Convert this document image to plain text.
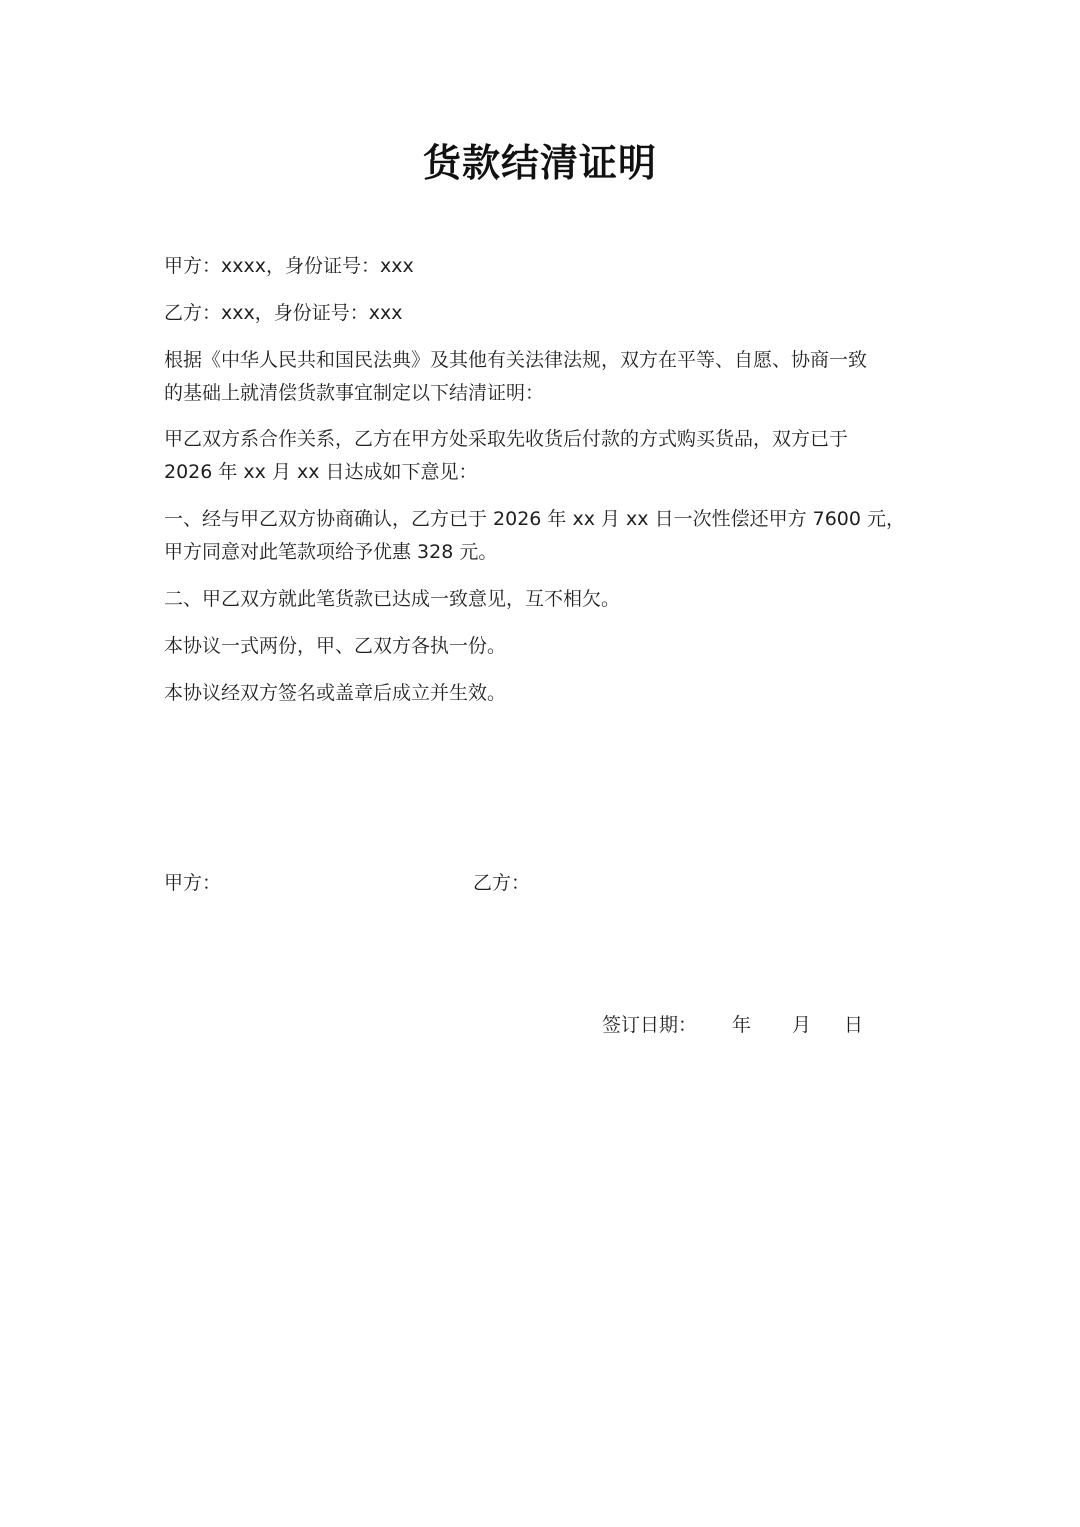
货款结清证明

甲方：xxxx，身份证号：xxx

乙方：xxx，身份证号：xxx

根据《中华人民共和国民法典》及其他有关法律法规，双方在平等、自愿、协商一致
的基础上就清偿货款事宜制定以下结清证明：

甲乙双方系合作关系，乙方在甲方处采取先收货后付款的方式购买货品，双方已于
2026 年 xx 月 xx 日达成如下意见：

一、经与甲乙双方协商确认，乙方已于 2026 年 xx 月 xx 日一次性偿还甲方 7600 元，
甲方同意对此笔款项给予优惠 328 元。

二、甲乙双方就此笔货款已达成一致意见，互不相欠。

本协议一式两份，甲、乙双方各执一份。

本协议经双方签名或盖章后成立并生效。

甲方：	乙方：
签订日期： 年 月 日
